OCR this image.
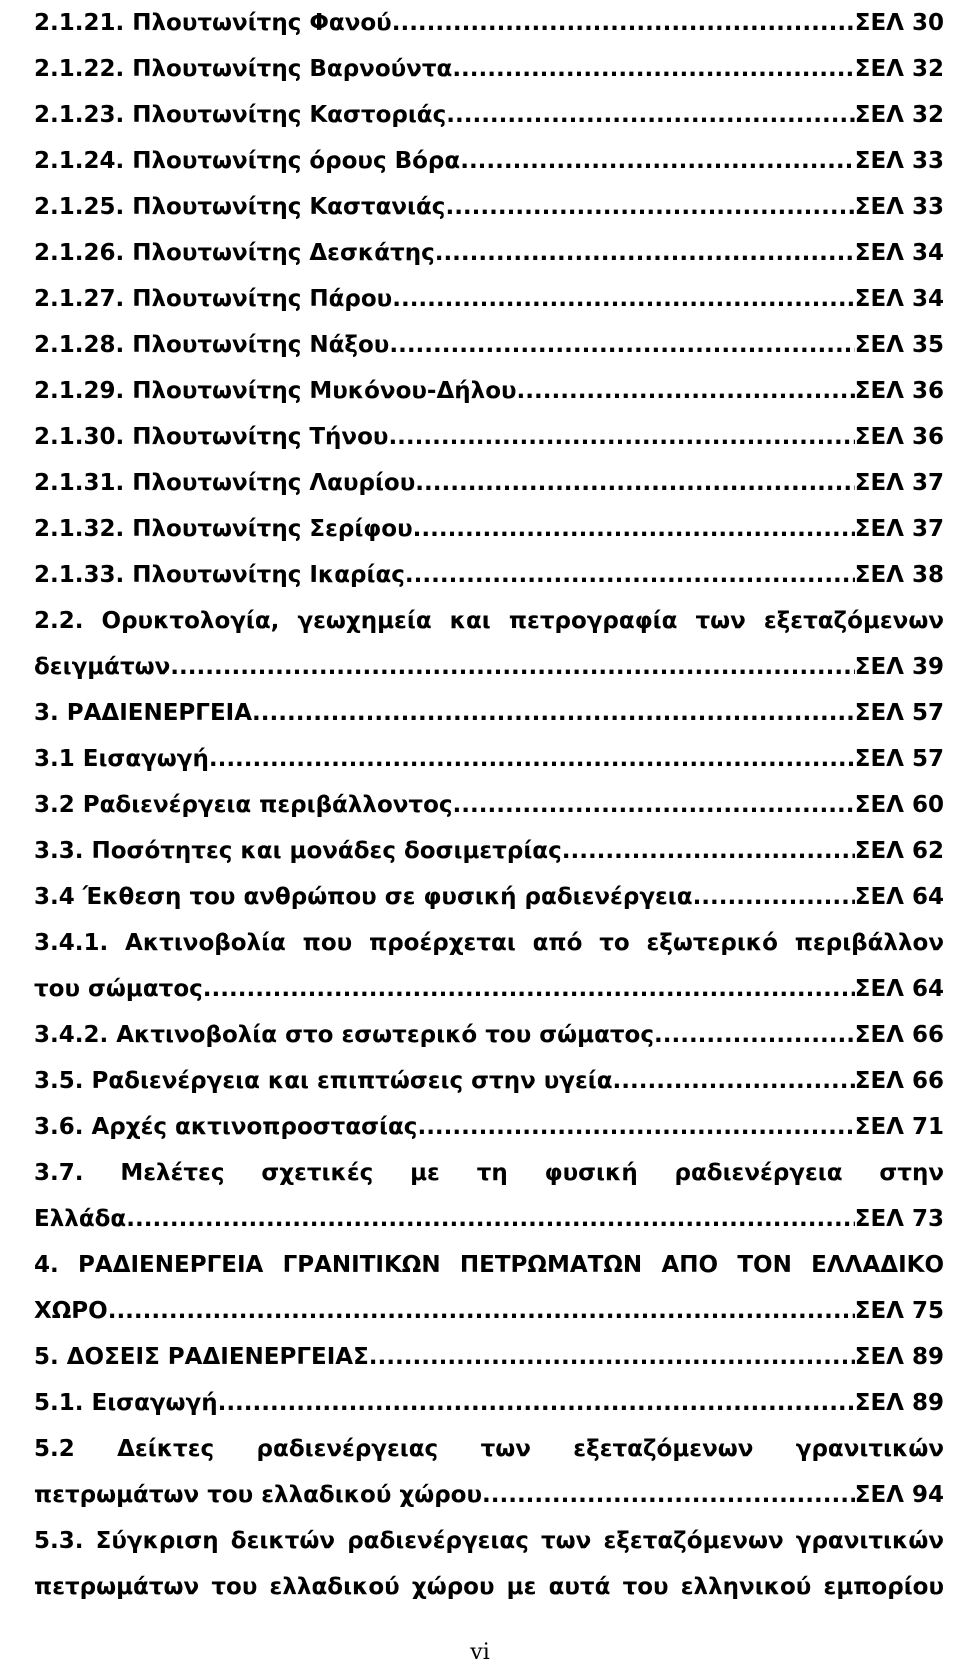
2.1.21. Πλουτωνίτης Φανού .....	ΣΕΛ 30
2.1.22. Πλουτωνίτης Βαρνούντα .....	ΣΕΛ 32
2.1.23. Πλουτωνίτης Καστοριάς .....	ΣΕΛ 32
2.1.24. Πλουτωνίτης όρους Βόρα .....	ΣΕΛ 33
2.1.25. Πλουτωνίτης Καστανιάς .....	ΣΕΛ 33
2.1.26. Πλουτωνίτης Δεσκάτης .....	ΣΕΛ 34
2.1.27. Πλουτωνίτης Πάρου .....	ΣΕΛ 34
2.1.28. Πλουτωνίτης Νάξου .....	ΣΕΛ 35
2.1.29. Πλουτωνίτης Μυκόνου-Δήλου .....	ΣΕΛ 36
2.1.30. Πλουτωνίτης Τήνου .....	ΣΕΛ 36
2.1.31. Πλουτωνίτης Λαυρίου .....	ΣΕΛ 37
2.1.32. Πλουτωνίτης Σερίφου .....	ΣΕΛ 37
2.1.33. Πλουτωνίτης Ικαρίας .....	ΣΕΛ 38
2.2. Ορυκτολογία, γεωχημεία και πετρογραφία των εξεταζόμενων
δειγμάτων .....	ΣΕΛ 39
3. ΡΑΔΙΕΝΕΡΓΕΙΑ .....	ΣΕΛ 57
3.1 Εισαγωγή .....	ΣΕΛ 57
3.2 Ραδιενέργεια περιβάλλοντος .....	ΣΕΛ 60
3.3. Ποσότητες και μονάδες δοσιμετρίας .....	ΣΕΛ 62
3.4 Έκθεση του ανθρώπου σε φυσική ραδιενέργεια .....	ΣΕΛ 64
3.4.1. Ακτινοβολία που προέρχεται από το εξωτερικό περιβάλλον
του σώματος .....	ΣΕΛ 64
3.4.2. Ακτινοβολία στο εσωτερικό του σώματος .....	ΣΕΛ 66
3.5. Ραδιενέργεια και επιπτώσεις στην υγεία .....	ΣΕΛ 66
3.6. Αρχές ακτινοπροστασίας .....	ΣΕΛ 71
3.7. Μελέτες σχετικές με τη φυσική ραδιενέργεια στην
Ελλάδα .....	ΣΕΛ 73
4. ΡΑΔΙΕΝΕΡΓΕΙΑ ΓΡΑΝΙΤΙΚΩΝ ΠΕΤΡΩΜΑΤΩΝ ΑΠΟ ΤΟΝ ΕΛΛΑΔΙΚΟ
ΧΩΡΟ .....	ΣΕΛ 75
5. ΔΟΣΕΙΣ ΡΑΔΙΕΝΕΡΓΕΙΑΣ .....	ΣΕΛ 89
5.1. Εισαγωγή .....	ΣΕΛ 89
5.2 Δείκτες ραδιενέργειας των εξεταζόμενων γρανιτικών
πετρωμάτων του ελλαδικού χώρου .....	ΣΕΛ 94
5.3. Σύγκριση δεικτών ραδιενέργειας των εξεταζόμενων γρανιτικών
πετρωμάτων του ελλαδικού χώρου με αυτά του ελληνικού εμπορίου
vi
